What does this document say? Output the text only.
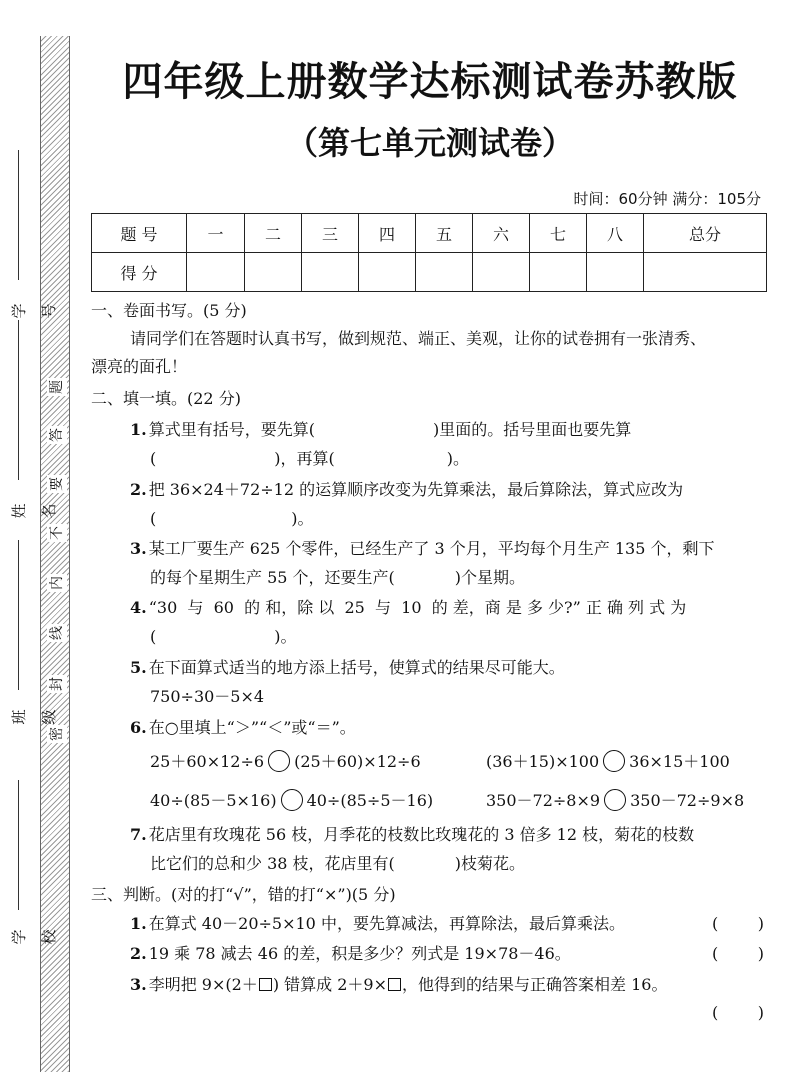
学号
姓名
班级
学校
题
答
要
不
内
线
封
密
四年级上册数学达标测试卷苏教版
（第七单元测试卷）
时间：60分钟 满分：105分
题 号	一	二	三	四	五	六	七	八	总分
得 分									
一、卷面书写。(5 分)
请同学们在答题时认真书写，做到规范、端正、美观，让你的试卷拥有一张清秀、
漂亮的面孔！
二、填一填。(22 分)
1. 算式里有括号，要先算(	)里面的。括号里面也要先算
(	)，再算(	)。
2. 把 36×24＋72÷12 的运算顺序改变为先算乘法，最后算除法，算式应改为
(	)。
3. 某工厂要生产 625 个零件，已经生产了 3 个月，平均每个月生产 135 个，剩下
的每个星期生产 55 个，还要生产(	)个星期。
4. “30  与  60  的 和，除 以  25  与  10  的 差，商 是 多 少?” 正 确 列 式 为
(	)。
5. 在下面算式适当的地方添上括号，使算式的结果尽可能大。
750÷30－5×4
6. 在○里填上“＞”“＜”或“＝”。
25＋60×12÷6 (25＋60)×12÷6	(36＋15)×100 36×15＋100
40÷(85－5×16) 40÷(85÷5－16)	350－72÷8×9 350－72÷9×8
7. 花店里有玫瑰花 56 枝，月季花的枝数比玫瑰花的 3 倍多 12 枝，菊花的枝数
比它们的总和少 38 枝，花店里有(	)枝菊花。
三、判断。(对的打“√”，错的打“×”)(5 分)
1. 在算式 40－20÷5×10 中，要先算减法，再算除法，最后算乘法。	( )
2. 19 乘 78 减去 46 的差，积是多少？列式是 19×78－46。	( )
3. 李明把 9×(2＋ ) 错算成 2＋9× ，他得到的结果与正确答案相差 16。
( )
